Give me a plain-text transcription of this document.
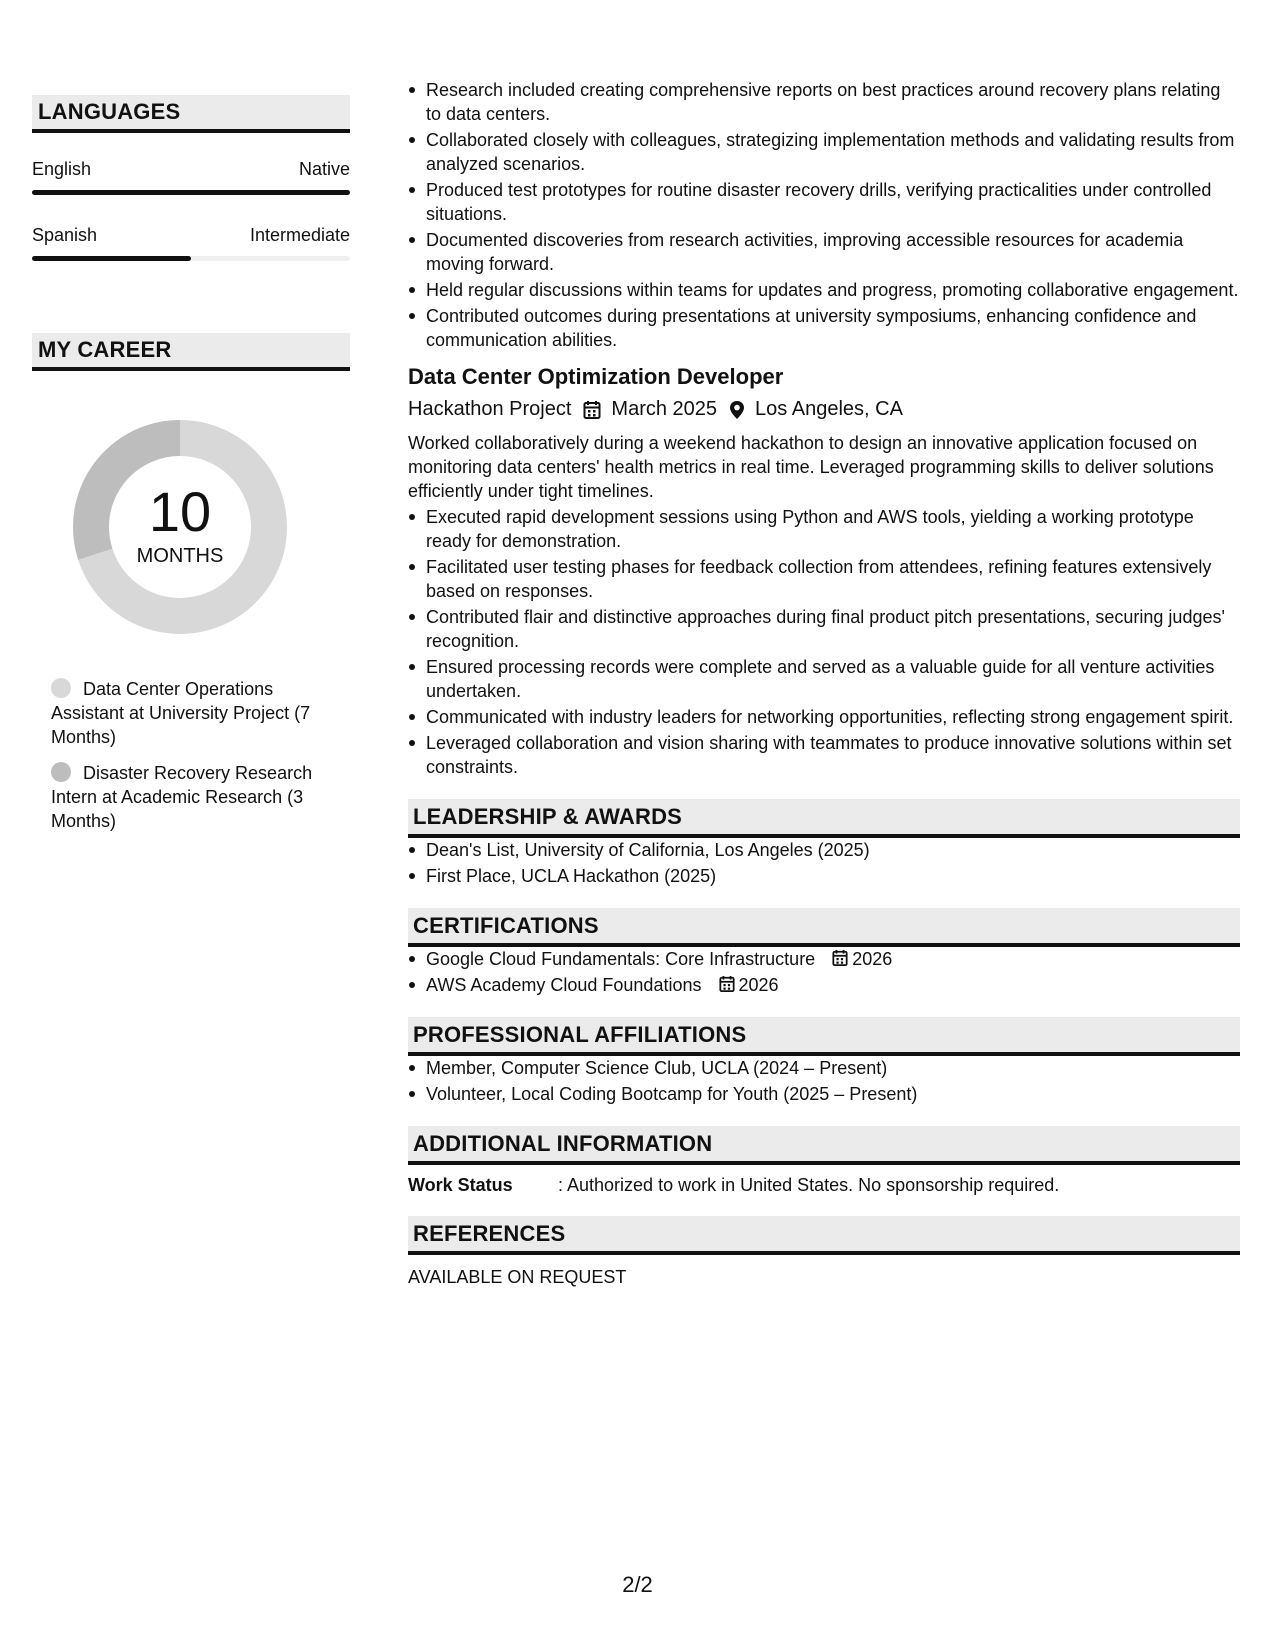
LANGUAGES
English	Native
Spanish	Intermediate
MY CAREER
10
MONTHS
Data Center Operations Assistant at University Project (7 Months)
Disaster Recovery Research Intern at Academic Research (3 Months)
Research included creating comprehensive reports on best practices around recovery plans relating to data centers.
Collaborated closely with colleagues, strategizing implementation methods and validating results from analyzed scenarios.
Produced test prototypes for routine disaster recovery drills, verifying practicalities under controlled situations.
Documented discoveries from research activities, improving accessible resources for academia moving forward.
Held regular discussions within teams for updates and progress, promoting collaborative engagement.
Contributed outcomes during presentations at university symposiums, enhancing confidence and communication abilities.
Data Center Optimization Developer
Hackathon Project March 2025 Los Angeles, CA
Worked collaboratively during a weekend hackathon to design an innovative application focused on monitoring data centers' health metrics in real time. Leveraged programming skills to deliver solutions efficiently under tight timelines.
Executed rapid development sessions using Python and AWS tools, yielding a working prototype ready for demonstration.
Facilitated user testing phases for feedback collection from attendees, refining features extensively based on responses.
Contributed flair and distinctive approaches during final product pitch presentations, securing judges' recognition.
Ensured processing records were complete and served as a valuable guide for all venture activities undertaken.
Communicated with industry leaders for networking opportunities, reflecting strong engagement spirit.
Leveraged collaboration and vision sharing with teammates to produce innovative solutions within set constraints.
LEADERSHIP & AWARDS
Dean's List, University of California, Los Angeles (2025)
First Place, UCLA Hackathon (2025)
CERTIFICATIONS
Google Cloud Fundamentals: Core Infrastructure 2026
AWS Academy Cloud Foundations 2026
PROFESSIONAL AFFILIATIONS
Member, Computer Science Club, UCLA (2024 – Present)
Volunteer, Local Coding Bootcamp for Youth (2025 – Present)
ADDITIONAL INFORMATION
Work Status	: Authorized to work in United States. No sponsorship required.
REFERENCES
AVAILABLE ON REQUEST
2/2
